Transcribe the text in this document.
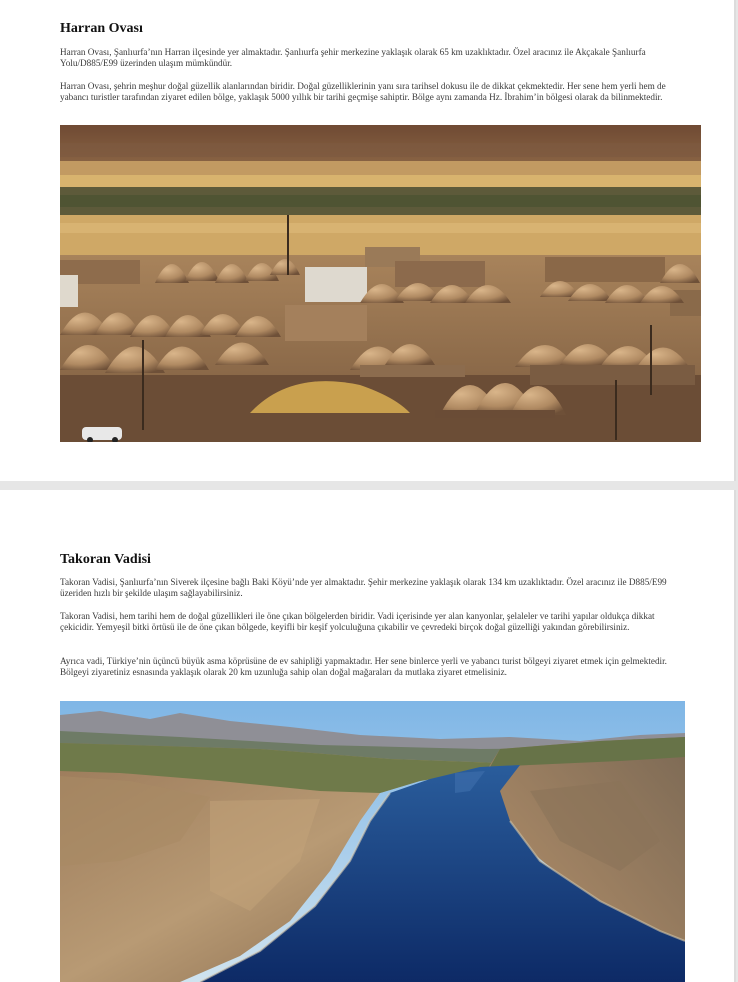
Harran Ovası

Harran Ovası, Şanlıurfa’nın Harran ilçesinde yer almaktadır. Şanlıurfa şehir merkezine yaklaşık olarak 65 km uzaklıktadır. Özel aracınız ile Akçakale Şanlıurfa Yolu/D885/E99 üzerinden ulaşım mümkündür.

Harran Ovası, şehrin meşhur doğal güzellik alanlarından biridir. Doğal güzelliklerinin yanı sıra tarihsel dokusu ile de dikkat çekmektedir. Her sene hem yerli hem de yabancı turistler tarafından ziyaret edilen bölge, yaklaşık 5000 yıllık bir tarihi geçmişe sahiptir. Bölge aynı zamanda Hz. İbrahim’in bölgesi olarak da bilinmektedir.

Takoran Vadisi

Takoran Vadisi, Şanlıurfa’nın Siverek ilçesine bağlı Baki Köyü’nde yer almaktadır. Şehir merkezine yaklaşık olarak 134 km uzaklıktadır. Özel aracınız ile D885/E99 üzeriden hızlı bir şekilde ulaşım sağlayabilirsiniz.

Takoran Vadisi, hem tarihi hem de doğal güzellikleri ile öne çıkan bölgelerden biridir. Vadi içerisinde yer alan kanyonlar, şelaleler ve tarihi yapılar oldukça dikkat çekicidir. Yemyeşil bitki örtüsü ile de öne çıkan bölgede, keyifli bir keşif yolculuğuna çıkabilir ve çevredeki birçok doğal güzelliği yakından görebilirsiniz.

Ayrıca vadi, Türkiye’nin üçüncü büyük asma köprüsüne de ev sahipliği yapmaktadır. Her sene binlerce yerli ve yabancı turist bölgeyi ziyaret etmek için gelmektedir. Bölgeyi ziyaretiniz esnasında yaklaşık olarak 20 km uzunluğa sahip olan doğal mağaraları da mutlaka ziyaret etmelisiniz.
